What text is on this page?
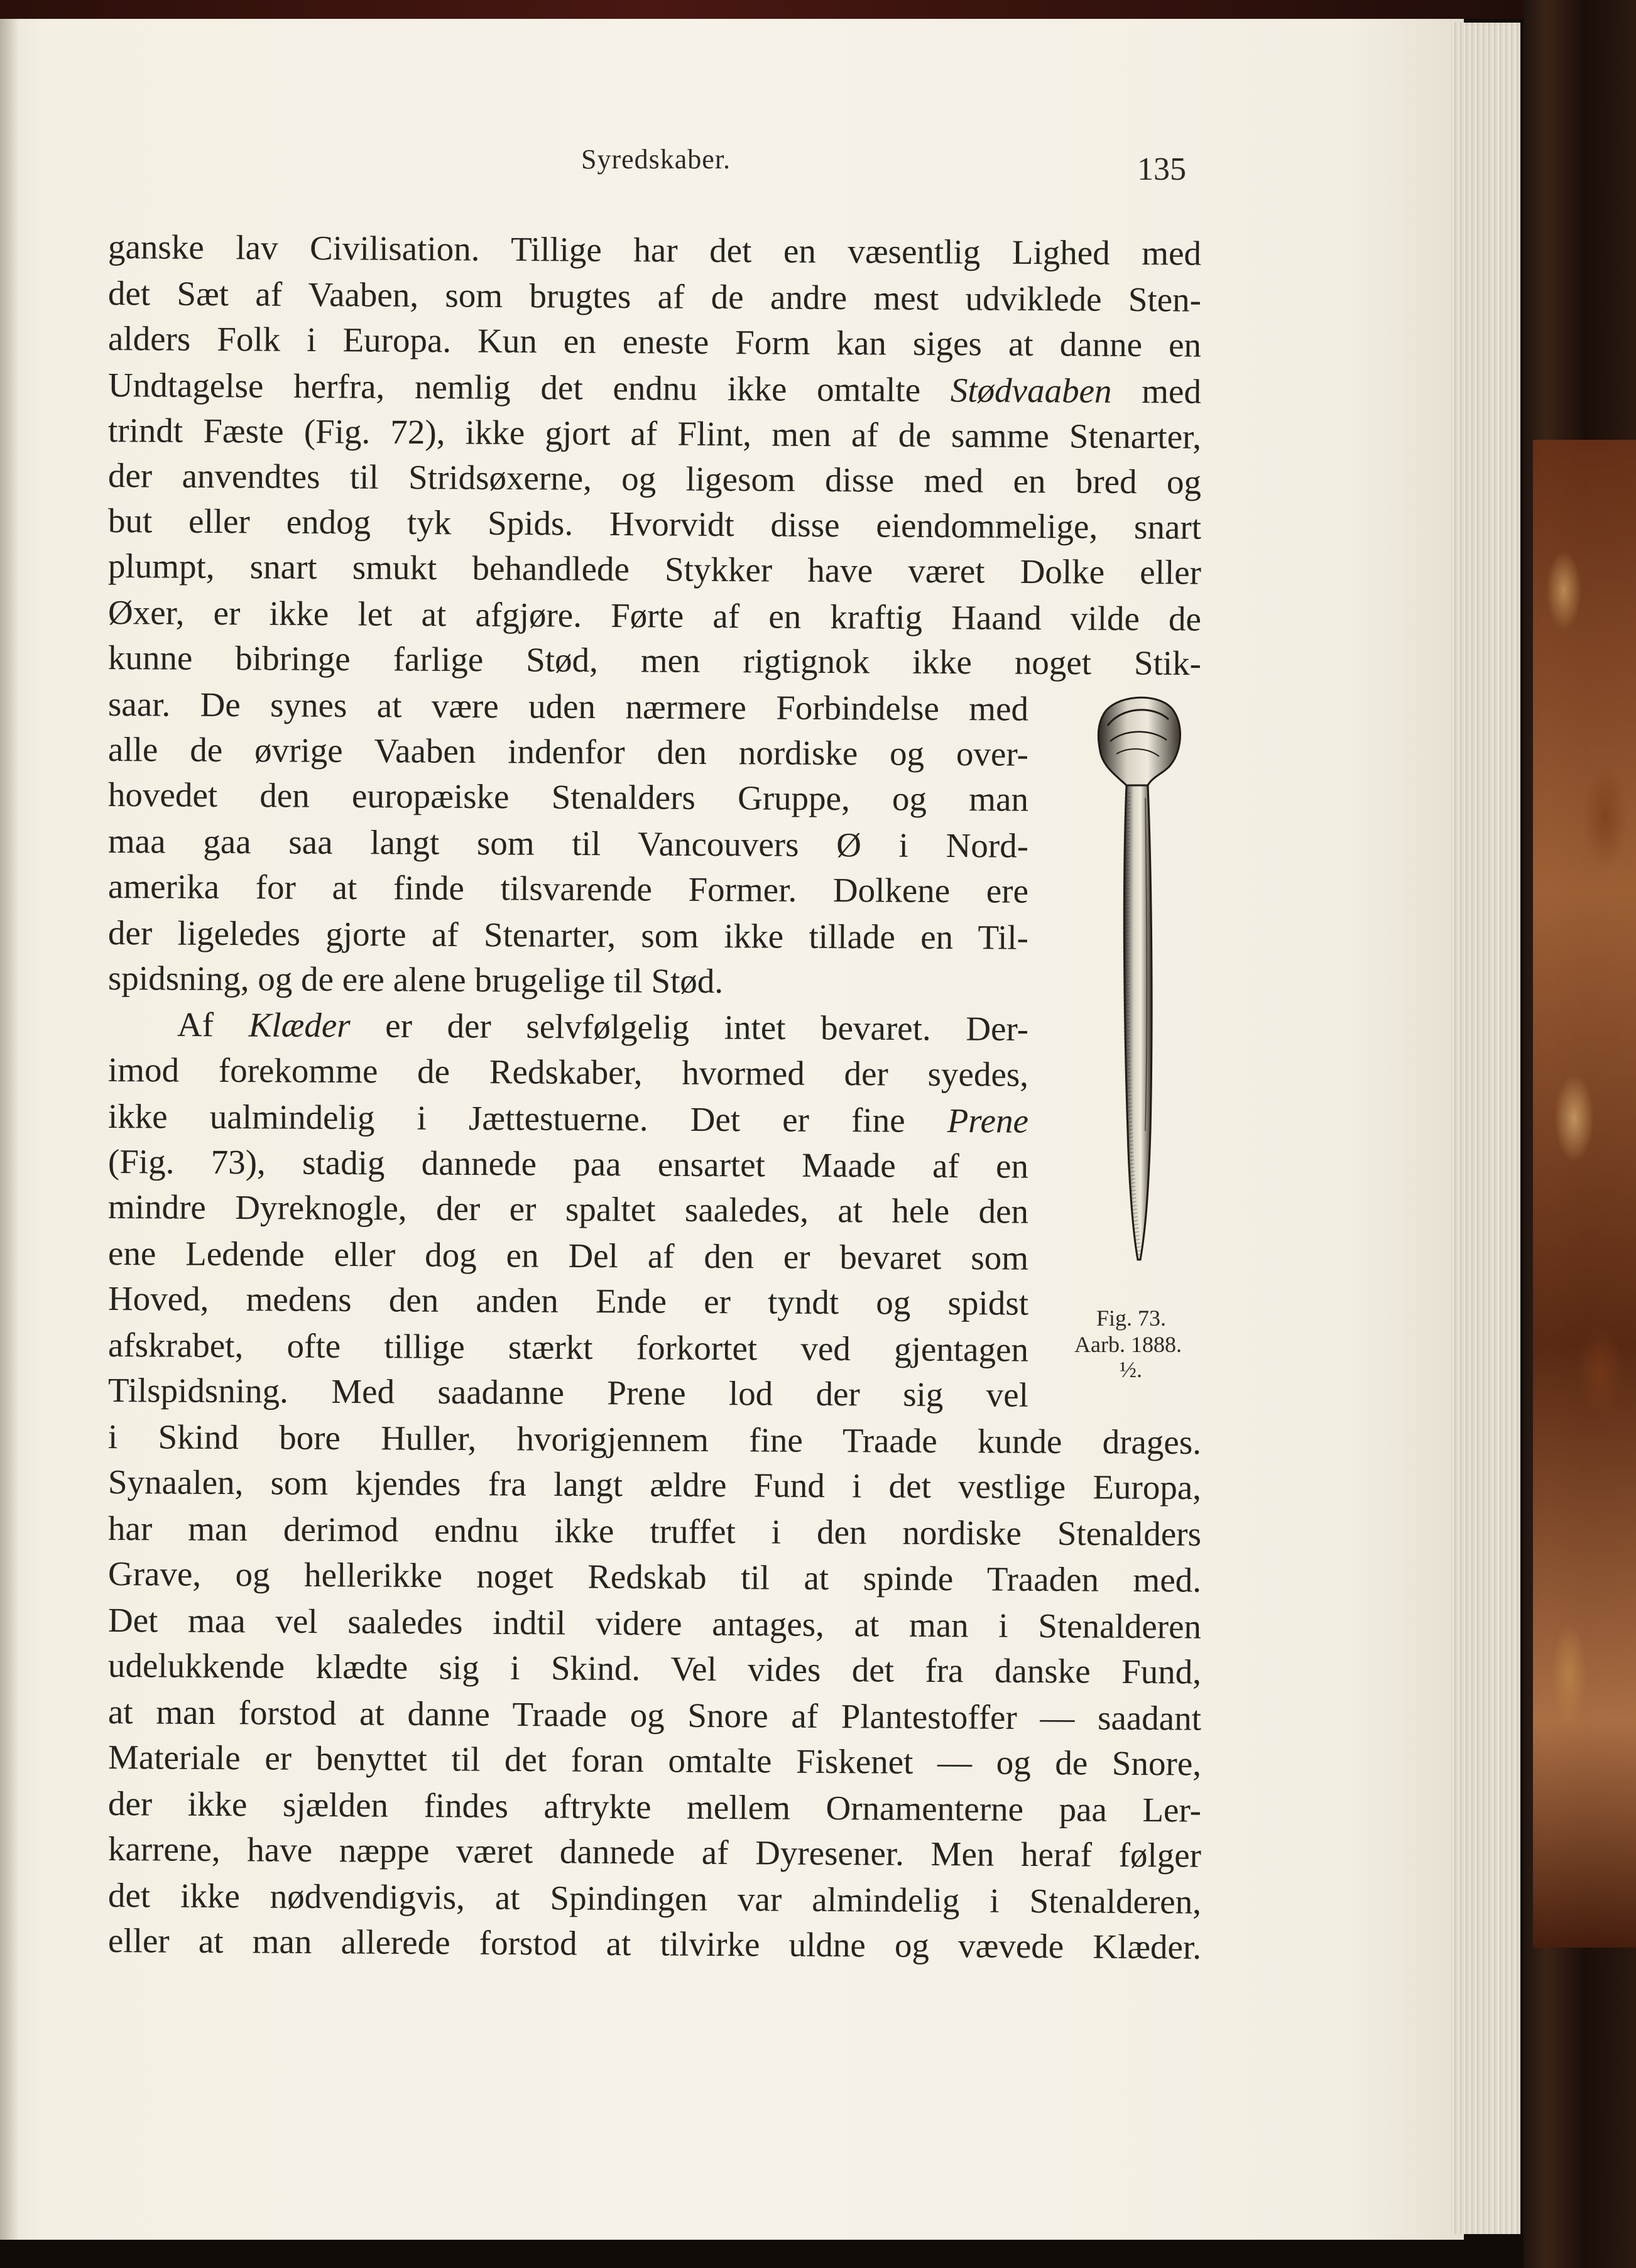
Syredskaber.	135

ganske lav Civilisation. Tillige har det en væsentlig Lighed med

det Sæt af Vaaben, som brugtes af de andre mest udviklede Sten-

alders Folk i Europa. Kun en eneste Form kan siges at danne en

Undtagelse herfra, nemlig det endnu ikke omtalte Stødvaaben med

trindt Fæste (Fig. 72), ikke gjort af Flint, men af de samme Stenarter,

der anvendtes til Stridsøxerne, og ligesom disse med en bred og

but eller endog tyk Spids. Hvorvidt disse eiendommelige, snart

plumpt, snart smukt behandlede Stykker have været Dolke eller

Øxer, er ikke let at afgjøre. Førte af en kraftig Haand vilde de

kunne bibringe farlige Stød, men rigtignok ikke noget Stik-

saar. De synes at være uden nærmere Forbindelse med

alle de øvrige Vaaben indenfor den nordiske og over-

hovedet den europæiske Stenalders Gruppe, og man

maa gaa saa langt som til Vancouvers Ø i Nord-

amerika for at finde tilsvarende Former. Dolkene ere

der ligeledes gjorte af Stenarter, som ikke tillade en Til-

spidsning, og de ere alene brugelige til Stød.

Af Klæder er der selvfølgelig intet bevaret. Der-

imod forekomme de Redskaber, hvormed der syedes,

ikke ualmindelig i Jættestuerne. Det er fine Prene

(Fig. 73), stadig dannede paa ensartet Maade af en

mindre Dyreknogle, der er spaltet saaledes, at hele den

ene Ledende eller dog en Del af den er bevaret som

Hoved, medens den anden Ende er tyndt og spidst

afskrabet, ofte tillige stærkt forkortet ved gjentagen

Tilspidsning. Med saadanne Prene lod der sig vel

i Skind bore Huller, hvorigjennem fine Traade kunde drages.

Synaalen, som kjendes fra langt ældre Fund i det vestlige Europa,

har man derimod endnu ikke truffet i den nordiske Stenalders

Grave, og hellerikke noget Redskab til at spinde Traaden med.

Det maa vel saaledes indtil videre antages, at man i Stenalderen

udelukkende klædte sig i Skind. Vel vides det fra danske Fund,

at man forstod at danne Traade og Snore af Plantestoffer — saadant

Materiale er benyttet til det foran omtalte Fiskenet — og de Snore,

der ikke sjælden findes aftrykte mellem Ornamenterne paa Ler-

karrene, have næppe været dannede af Dyresener. Men heraf følger

det ikke nødvendigvis, at Spindingen var almindelig i Stenalderen,

eller at man allerede forstod at tilvirke uldne og vævede Klæder.

Fig. 73.
Aarb. 1888.
½.
